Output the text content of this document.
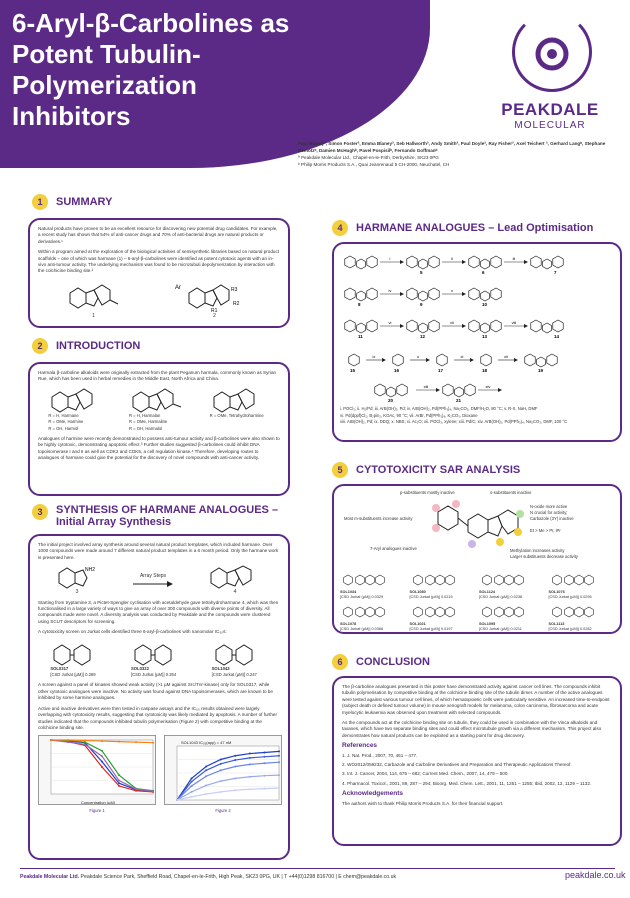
6-Aryl-β-Carbolines as Potent Tubulin-Polymerization Inhibitors	PEAKDALE
MOLECULAR
Paul Blaneyª, Simon Fosterª, Emma Blaneyª, Seb Hallworthª, Andy Smithª, Paul Doyleª, Ray Fisherª, Axel Teichert ª, Gerhard Langᵇ, Stephane Demotzᵇ, Damien McHughᵇ, Pavel Pospisilᵇ, Fernando Goffmanᵇ
ª Peakdale Molecular Ltd., Chapel-en-le-Frith, Derbyshire, SK23 0PG
ᵇ Philip Morris Products S.A., Quai Jeanrenaud 5 CH-2000, Neuchatel, CH
1	SUMMARY

Natural products have proven to be an excellent resource for discovering new potential drug candidates. For example, a recent study has shown that 54% of anti-cancer drugs and 70% of anti-bacterial drugs are natural products or derivatives.¹

Within a program aimed at the exploration of the biological activities of semisynthetic libraries based on natural product scaffolds – one of which was harmane (1) – 6-aryl-β-carbolines were identified as potent cytotoxic agents with an in-vivo anti-tumour activity. The underlying mechanism was found to be microtubuli depolymerization by interaction with the colchicine binding site.²

1
Ar	R3
R2
R1
2
2	INTRODUCTION

Harmala β-carboline alkaloids were originally extracted from the plant Peganum harmala, commonly known as Syrian Rue, which has been used in herbal remedies in the Middle East, North Africa and China.

R = H, Harmane
R = OMe, Harmine
R = OH, Harmol
R = H, Harmalan
R = OMe, Harmaline
R = OH, Harmalol
R = OMe, Tetrahydroharmine

Analogues of harmine were recently demonstrated to possess anti-tumour activity and β-carbolines were also shown to be highly cytotoxic, demonstrating apoptotic effect.³ Further studies suggested β-carbolines could inhibit DNA topoisomerase I and II as well as CDK2 and CDK5, a cell regulation kinase.⁴ Therefore, developing routes to analogues of harmane could give the potential for the discovery of novel compounds with anti-cancer activity.

3	SYNTHESIS OF HARMANE ANALOGUES –
Initial Array Synthesis

The initial project involved array synthesis around several natural product templates, which included harmane. Over 1000 compounds were made around 7 different natural product templates in a 6 month period. Only the harmane work is presented here.

NH2
3
Array Steps
4

Starting from tryptamine 3, a Pictet-Spengler cyclisation with acetaldehyde gave tetrahydroharmane 4, which was then functionalised in a large variety of ways to give an array of over 300 compounds with diverse points of diversity. All compounds made were novel. A diversity analysis was conducted by Peakdale and the compounds were clustered using SCUT descriptors for screening.

A cytotoxicity screen on Jurkat cells identified three 6-aryl-β-carbolines with nanomolar IC₅₀s:

SOL0317
[CSD Jurkat (µM)] 0.269
SOL0322
[CSD Jurkat (µM)] 0.264
SOL1043
[CSD Jurkat (µM)] 0.247

A screen against a panel of kinases showed weak activity (>1 µM against Src/Tnr-kinase) only for SOL0317, while other cytotoxic analogues were inactive. No activity was found against DNA topoisomerases, which are known to be inhibited by some harmine analogues.

Active and inactive derivatives were then tested in caspase assays and the IC₅₀ results obtained were largely overlapping with cytotoxicity results, suggesting that cytotoxicity was likely mediated by apoptosis. A number of further studies indicated that the compounds inhibited tubulin polymerisation (Figure 2) with competitive binding at the colchicine binding site.

Concentration (µM)
Figure 1
SOL1043 IC₅₀(app) = 47 nM
Figure 2
4	HARMANE ANALOGUES – Lead Optimisation
i
5
ii
6
iii
7
8
iv
9
v
10
11
vi
12
vii
13
viii
14
15
ix
16
x
17
xi
18
xii
19
20
xiii
21
xiv
i. POCl₃; ii. H₂/Pd; iii. ArB(OH)₂, Pd; iv. ArB(OH)₂, Pd(PPh₃)₄, Na₂CO₃, DMF/H₂O, 80 °C; v. R-X, NaH, DMF
vi. Pd(dppf)Cl₂, B₂pin₂, KOAc, 90 °C; vii. ArBr, Pd(PPh₃)₄, K₂CO₃, Dioxane
viii. ArB(OH)₂, Pd; ix. DDQ; x. NBS; xi. Ac₂O; xii. POCl₃, xylene; xiii. Pd/C; xiv. ArB(OH)₂, Pd(PPh₃)₄, Na₂CO₃, DMF, 100 °C
5	CYTOTOXICITY SAR ANALYSIS
p-substituents mostly inactive	o-substituents inactive
Most m-substituents increase activity
N-oxide more active
N crucial for activity;
Carbazole (3Y) inactive
Et > Me > Pr, iPr
7-Aryl analogues inactive	Methylation increases activity
Larger substituents decrease activity
SOL1034
[CSD Jurkat (µM)] 0.0329
SOL1080
[CSD Jurkat (µM)] 0.0215
SOL1124
[CSD Jurkat (µM)] 0.0238
SOL1076
[CSD Jurkat (µM)] 0.0295
SOL1078
[CSD Jurkat (µM)] 0.0366
SOL1021
[CSD Jurkat (µM)] 0.0197
SOL1095
[CSD Jurkat (µM)] 0.0211
SOL1113
[CSD Jurkat (µM)] 0.0282
6	CONCLUSION

The β-carboline analogues presented in this poster have demonstrated activity against cancer cell lines. The compounds inhibit tubulin polymerisation by competitive binding at the colchicine binding site of the tubulin dimer. A number of the active analogues were tested against various tumour cell lines, of which hematopoietic cells were particularly sensitive. An increased time-to-endpoint (subject death or defined tumour volume) in mouse xenograft models for melanoma, colon carcinoma, fibrosarcoma and acute myelocytic leukaemia was observed upon treatment with selected compounds.

As the compounds act at the colchicine binding site on tubulin, they could be used in combination with the Vinca alkaloids and taxanes, which have two separate binding sites and could effect microtubule growth via a different mechanism. This project also demonstrates how natural products can be exploited as a starting point for drug discovery.

References
1. J. Nat. Prod., 2007, 70, 461 – 477.
2. WO2012/059232, Carbazole and Carboline Derivatives and Preparation and Therapeutic Applications Thereof.
3. Int. J. Cancer, 2004, 114, 675 – 682; Current Med. Chem., 2007, 14, 479 – 500.
4. Pharmacol. Toxicol., 2001, 89, 287 – 294; Bioorg. Med. Chem. Lett., 2001, 11, 1251 – 1255; Ibid, 2002, 12, 1129 – 1132.
Acknowledgements

The authors wish to thank Philip Morris Products S.A. for their financial support.

Peakdale Molecular Ltd. Peakdale Science Park, Sheffield Road, Chapel-en-le-Frith, High Peak, SK23 0PG, UK | T +44(0)1298 816700 | E chem@peakdale.co.uk	peakdale.co.uk
